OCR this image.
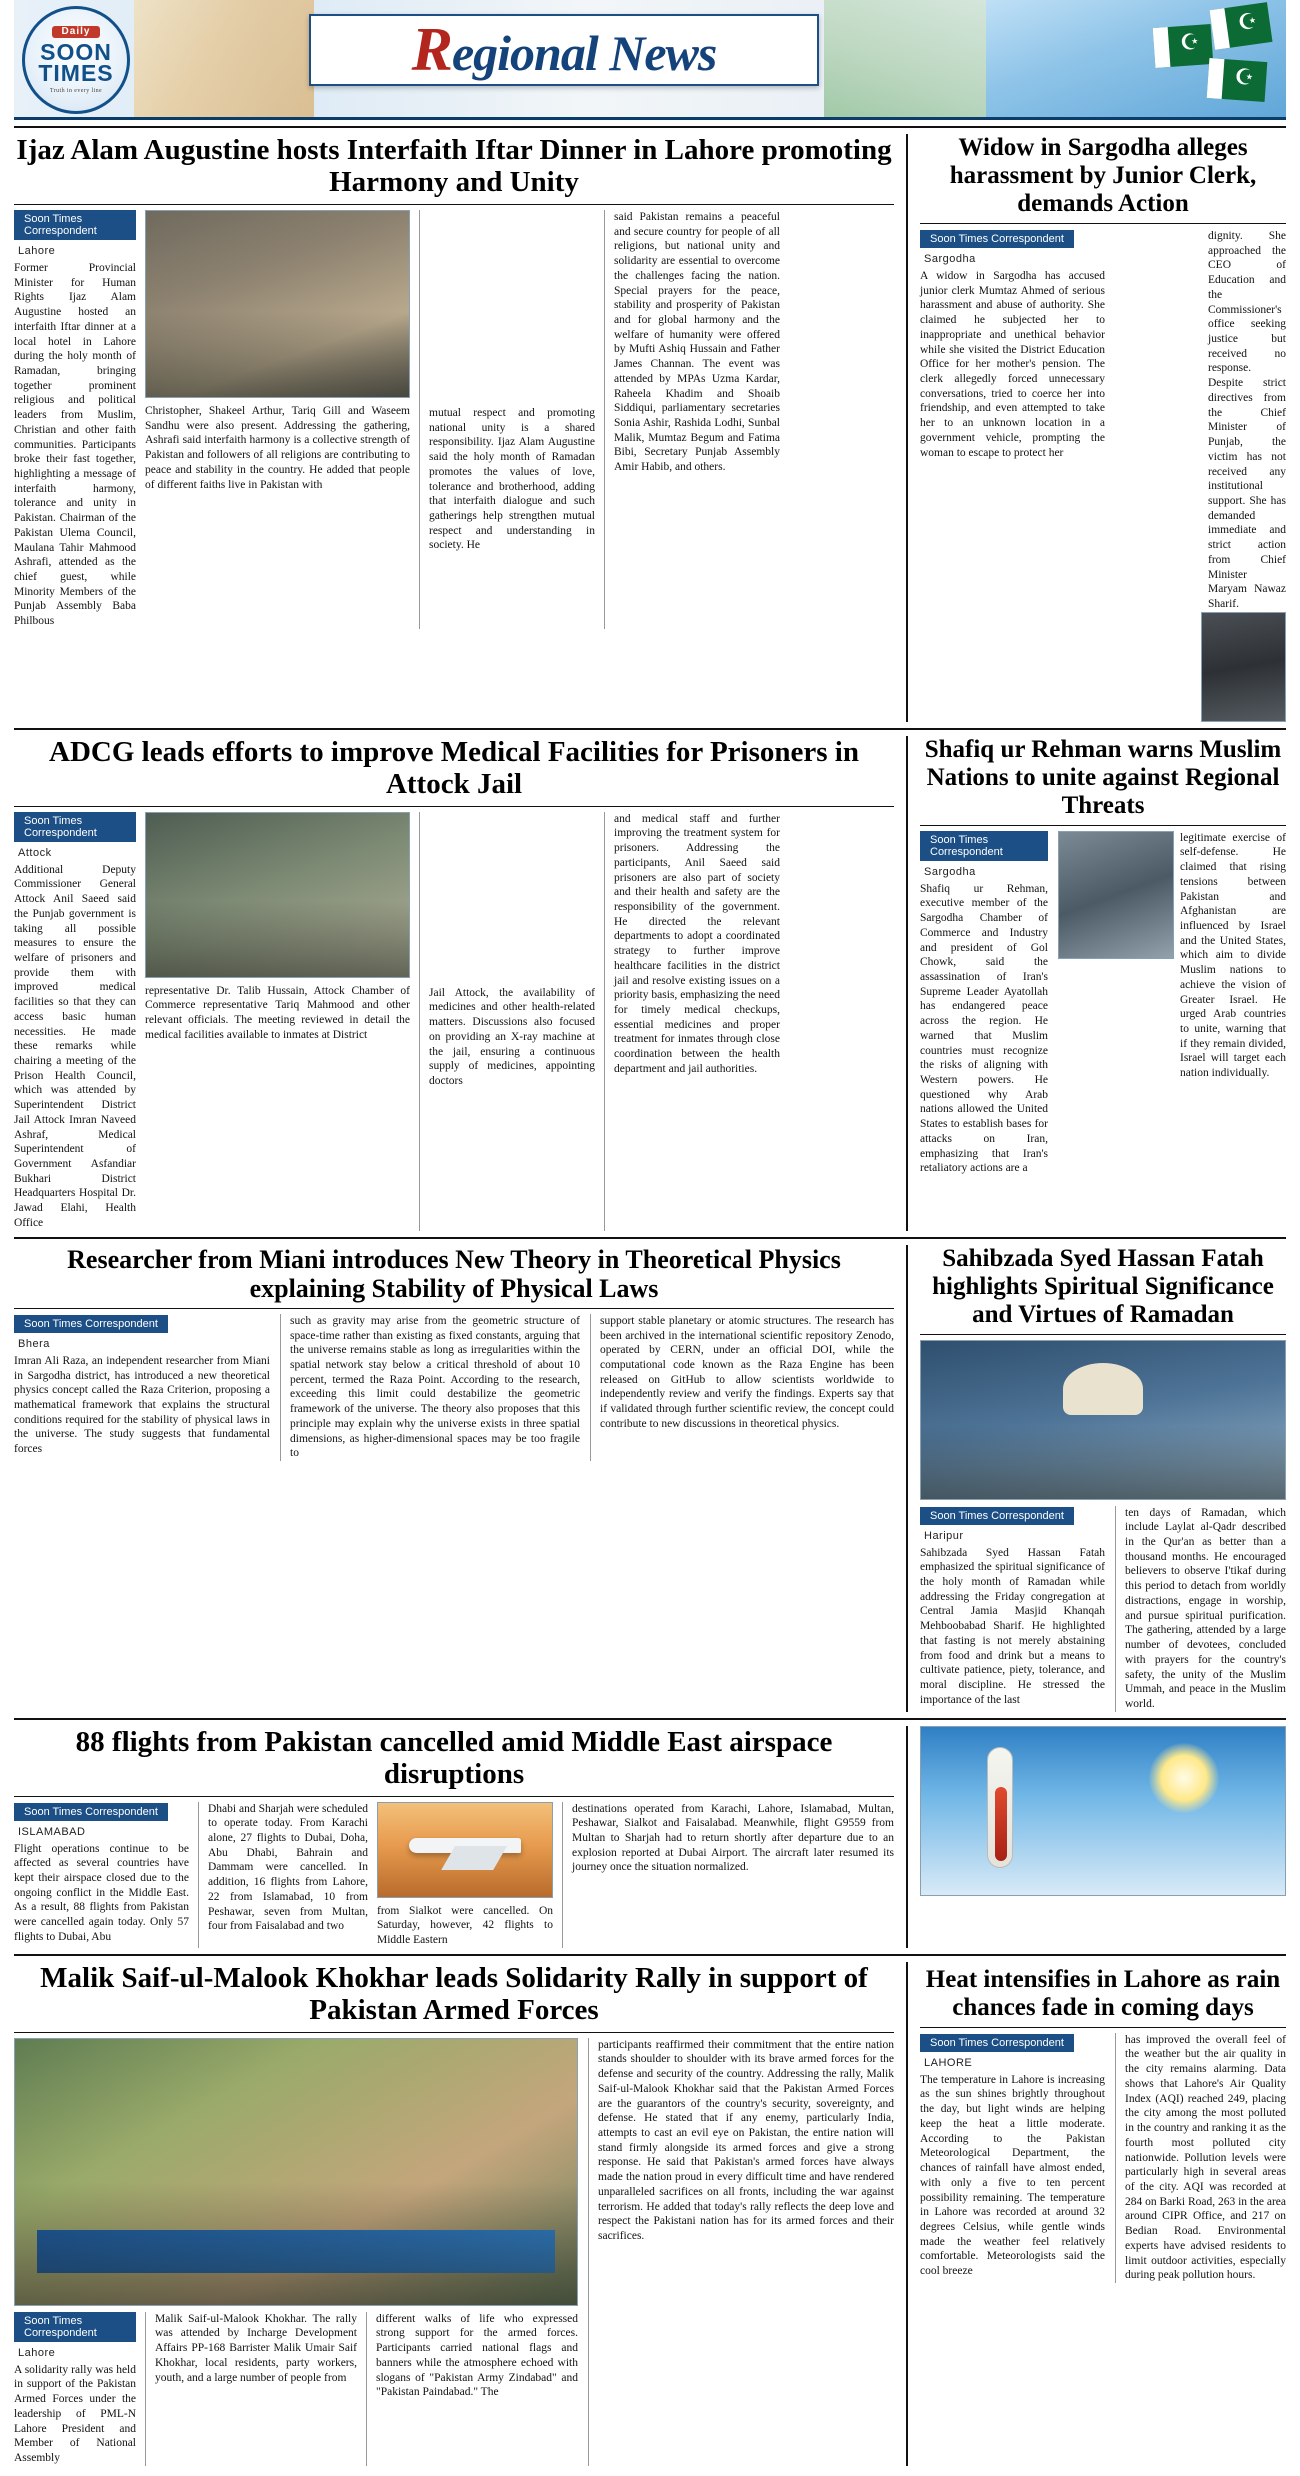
☪
☪
☪
Daily
SOON
TIMES
Truth in every line
Regional News
Ijaz Alam Augustine hosts Interfaith Iftar Dinner in Lahore promoting Harmony and Unity
Soon Times Correspondent
Lahore
Former Provincial Minister for Human Rights Ijaz Alam Augustine hosted an interfaith Iftar dinner at a local hotel in Lahore during the holy month of Ramadan, bringing together prominent religious and political leaders from Muslim, Christian and other faith communities. Participants broke their fast together, highlighting a message of interfaith harmony, tolerance and unity in Pakistan. Chairman of the Pakistan Ulema Council, Maulana Tahir Mahmood Ashrafi, attended as the chief guest, while Minority Members of the Punjab Assembly Baba Philbous
Christopher, Shakeel Arthur, Tariq Gill and Waseem Sandhu were also present. Addressing the gathering, Ashrafi said interfaith harmony is a collective strength of Pakistan and followers of all religions are contributing to peace and stability in the country. He added that people of different faiths live in Pakistan with
mutual respect and promoting national unity is a shared responsibility. Ijaz Alam Augustine said the holy month of Ramadan promotes the values of love, tolerance and brotherhood, adding that interfaith dialogue and such gatherings help strengthen mutual respect and understanding in society. He
said Pakistan remains a peaceful and secure country for people of all religions, but national unity and solidarity are essential to overcome the challenges facing the nation. Special prayers for the peace, stability and prosperity of Pakistan and for global harmony and the welfare of humanity were offered by Mufti Ashiq Hussain and Father James Channan. The event was attended by MPAs Uzma Kardar, Raheela Khadim and Shoaib Siddiqui, parliamentary secretaries Sonia Ashir, Rashida Lodhi, Sunbal Malik, Mumtaz Begum and Fatima Bibi, Secretary Punjab Assembly Amir Habib, and others.
Widow in Sargodha alleges harassment by Junior Clerk, demands Action
Soon Times Correspondent
Sargodha
A widow in Sargodha has accused junior clerk Mumtaz Ahmed of serious harassment and abuse of authority. She claimed he subjected her to inappropriate and unethical behavior while she visited the District Education Office for her mother's pension. The clerk allegedly forced unnecessary conversations, tried to coerce her into friendship, and even attempted to take her to an unknown location in a government vehicle, prompting the woman to escape to protect her
dignity. She approached the CEO of Education and the Commissioner's office seeking justice but received no response. Despite strict directives from the Chief Minister of Punjab, the victim has not received any institutional support. She has demanded immediate and strict action from Chief Minister Maryam Nawaz Sharif.
ADCG leads efforts to improve Medical Facilities for Prisoners in Attock Jail
Soon Times Correspondent
Attock
Additional Deputy Commissioner General Attock Anil Saeed said the Punjab government is taking all possible measures to ensure the welfare of prisoners and provide them with improved medical facilities so that they can access basic human necessities. He made these remarks while chairing a meeting of the Prison Health Council, which was attended by Superintendent District Jail Attock Imran Naveed Ashraf, Medical Superintendent of Government Asfandiar Bukhari District Headquarters Hospital Dr. Jawad Elahi, Health Office
representative Dr. Talib Hussain, Attock Chamber of Commerce representative Tariq Mahmood and other relevant officials. The meeting reviewed in detail the medical facilities available to inmates at District
Jail Attock, the availability of medicines and other health-related matters. Discussions also focused on providing an X-ray machine at the jail, ensuring a continuous supply of medicines, appointing doctors
and medical staff and further improving the treatment system for prisoners. Addressing the participants, Anil Saeed said prisoners are also part of society and their health and safety are the responsibility of the government. He directed the relevant departments to adopt a coordinated strategy to further improve healthcare facilities in the district jail and resolve existing issues on a priority basis, emphasizing the need for timely medical checkups, essential medicines and proper treatment for inmates through close coordination between the health department and jail authorities.
Shafiq ur Rehman warns Muslim Nations to unite against Regional Threats
Soon Times Correspondent
Sargodha
Shafiq ur Rehman, executive member of the Sargodha Chamber of Commerce and Industry and president of Gol Chowk, said the assassination of Iran's Supreme Leader Ayatollah has endangered peace across the region. He warned that Muslim countries must recognize the risks of aligning with Western powers. He questioned why Arab nations allowed the United States to establish bases for attacks on Iran, emphasizing that Iran's retaliatory actions are a
legitimate exercise of self-defense. He claimed that rising tensions between Pakistan and Afghanistan are influenced by Israel and the United States, which aim to divide Muslim nations to achieve the vision of Greater Israel. He urged Arab countries to unite, warning that if they remain divided, Israel will target each nation individually.
Researcher from Miani introduces New Theory in Theoretical Physics explaining Stability of Physical Laws
Soon Times Correspondent
Bhera
Imran Ali Raza, an independent researcher from Miani in Sargodha district, has introduced a new theoretical physics concept called the Raza Criterion, proposing a mathematical framework that explains the structural conditions required for the stability of physical laws in the universe. The study suggests that fundamental forces
such as gravity may arise from the geometric structure of space-time rather than existing as fixed constants, arguing that the universe remains stable as long as irregularities within the spatial network stay below a critical threshold of about 10 percent, termed the Raza Point. According to the research, exceeding this limit could destabilize the geometric framework of the universe. The theory also proposes that this principle may explain why the universe exists in three spatial dimensions, as higher-dimensional spaces may be too fragile to
support stable planetary or atomic structures. The research has been archived in the international scientific repository Zenodo, operated by CERN, under an official DOI, while the computational code known as the Raza Engine has been released on GitHub to allow scientists worldwide to independently review and verify the findings. Experts say that if validated through further scientific review, the concept could contribute to new discussions in theoretical physics.
Sahibzada Syed Hassan Fatah highlights Spiritual Significance and Virtues of Ramadan
Soon Times Correspondent
Haripur
Sahibzada Syed Hassan Fatah emphasized the spiritual significance of the holy month of Ramadan while addressing the Friday congregation at Central Jamia Masjid Khanqah Mehboobabad Sharif. He highlighted that fasting is not merely abstaining from food and drink but a means to cultivate patience, piety, tolerance, and moral discipline. He stressed the importance of the last
ten days of Ramadan, which include Laylat al-Qadr described in the Qur'an as better than a thousand months. He encouraged believers to observe I'tikaf during this period to detach from worldly distractions, engage in worship, and pursue spiritual purification. The gathering, attended by a large number of devotees, concluded with prayers for the country's safety, the unity of the Muslim Ummah, and peace in the Muslim world.
88 flights from Pakistan cancelled amid Middle East airspace disruptions
Soon Times Correspondent
ISLAMABAD
Flight operations continue to be affected as several countries have kept their airspace closed due to the ongoing conflict in the Middle East. As a result, 88 flights from Pakistan were cancelled again today. Only 57 flights to Dubai, Abu
Dhabi and Sharjah were scheduled to operate today. From Karachi alone, 27 flights to Dubai, Doha, Abu Dhabi, Bahrain and Dammam were cancelled. In addition, 16 flights from Lahore, 22 from Islamabad, 10 from Peshawar, seven from Multan, four from Faisalabad and two
from Sialkot were cancelled. On Saturday, however, 42 flights to Middle Eastern
destinations operated from Karachi, Lahore, Islamabad, Multan, Peshawar, Sialkot and Faisalabad. Meanwhile, flight G9559 from Multan to Sharjah had to return shortly after departure due to an explosion reported at Dubai Airport. The aircraft later resumed its journey once the situation normalized.
Malik Saif-ul-Malook Khokhar leads Solidarity Rally in support of Pakistan Armed Forces
Soon Times Correspondent
Lahore
A solidarity rally was held in support of the Pakistan Armed Forces under the leadership of PML-N Lahore President and Member of National Assembly
Malik Saif-ul-Malook Khokhar. The rally was attended by Incharge Development Affairs PP-168 Barrister Malik Umair Saif Khokhar, local residents, party workers, youth, and a large number of people from
different walks of life who expressed strong support for the armed forces. Participants carried national flags and banners while the atmosphere echoed with slogans of "Pakistan Army Zindabad" and "Pakistan Paindabad." The
participants reaffirmed their commitment that the entire nation stands shoulder to shoulder with its brave armed forces for the defense and security of the country. Addressing the rally, Malik Saif-ul-Malook Khokhar said that the Pakistan Armed Forces are the guarantors of the country's security, sovereignty, and defense. He stated that if any enemy, particularly India, attempts to cast an evil eye on Pakistan, the entire nation will stand firmly alongside its armed forces and give a strong response. He said that Pakistan's armed forces have always made the nation proud in every difficult time and have rendered unparalleled sacrifices on all fronts, including the war against terrorism. He added that today's rally reflects the deep love and respect the Pakistani nation has for its armed forces and their sacrifices.
Heat intensifies in Lahore as rain chances fade in coming days
Soon Times Correspondent
LAHORE
The temperature in Lahore is increasing as the sun shines brightly throughout the day, but light winds are helping keep the heat a little moderate. According to the Pakistan Meteorological Department, the chances of rainfall have almost ended, with only a five to ten percent possibility remaining. The temperature in Lahore was recorded at around 32 degrees Celsius, while gentle winds made the weather feel relatively comfortable. Meteorologists said the cool breeze
has improved the overall feel of the weather but the air quality in the city remains alarming. Data shows that Lahore's Air Quality Index (AQI) reached 249, placing the city among the most polluted in the country and ranking it as the fourth most polluted city nationwide. Pollution levels were particularly high in several areas of the city. AQI was recorded at 284 on Barki Road, 263 in the area around CIPR Office, and 217 on Bedian Road. Environmental experts have advised residents to limit outdoor activities, especially during peak pollution hours.
